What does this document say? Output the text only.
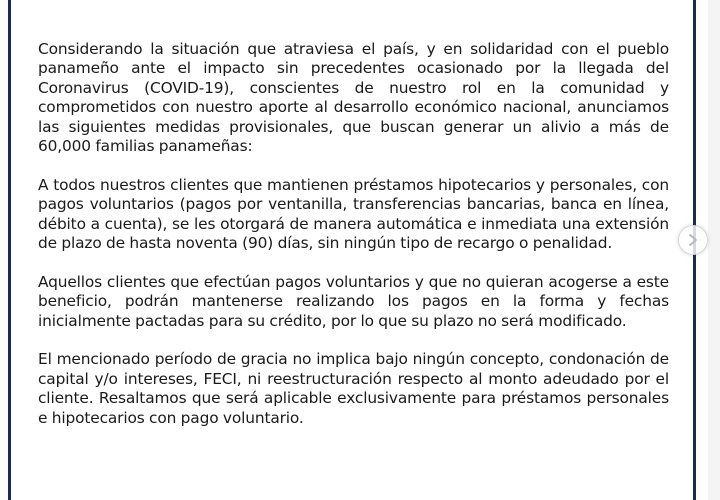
Considerando la situación que atraviesa el país, y en solidaridad con el pueblo panameño ante el impacto sin precedentes ocasionado por la llegada del Coronavirus (COVID-19), conscientes de nuestro rol en la comunidad y comprometidos con nuestro aporte al desarrollo económico nacional, anunciamos las siguientes medidas provisionales, que buscan generar un alivio a más de 60,000 familias panameñas:

A todos nuestros clientes que mantienen préstamos hipotecarios y personales, con pagos voluntarios (pagos por ventanilla, transferencias bancarias, banca en línea, débito a cuenta), se les otorgará de manera automática e inmediata una extensión de plazo de hasta noventa (90) días, sin ningún tipo de recargo o penalidad.

Aquellos clientes que efectúan pagos voluntarios y que no quieran acogerse a este beneficio, podrán mantenerse realizando los pagos en la forma y fechas inicialmente pactadas para su crédito, por lo que su plazo no será modificado.

El mencionado período de gracia no implica bajo ningún concepto, condonación de capital y/o intereses, FECI, ni reestructuración respecto al monto adeudado por el cliente. Resaltamos que será aplicable exclusivamente para préstamos personales e hipotecarios con pago voluntario.
